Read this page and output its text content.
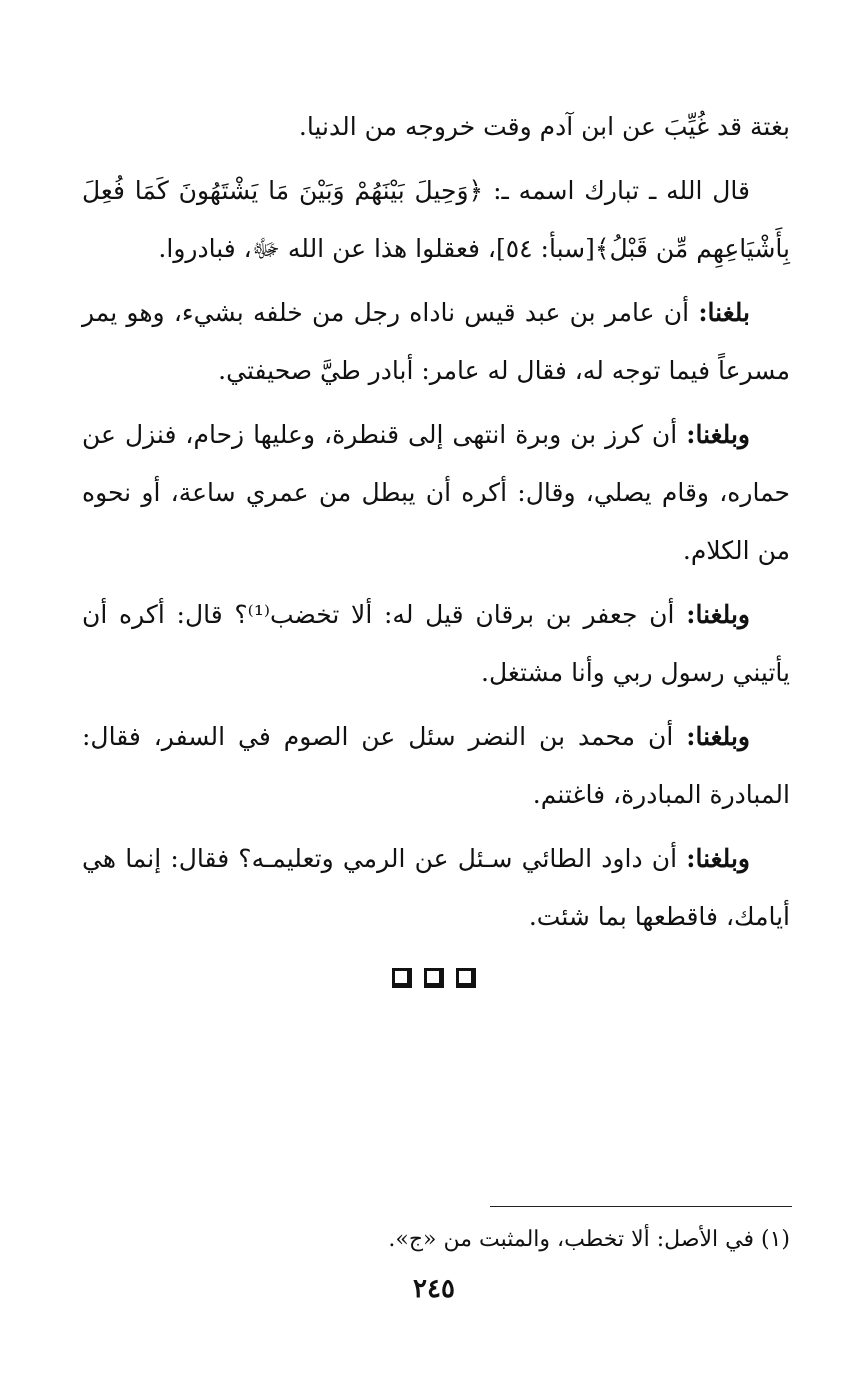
بغتة قد غُيِّبَ عن ابن آدم وقت خروجه من الدنيا.

قال الله ـ تبارك اسمه ـ: ﴿وَحِيلَ بَيْنَهُمْ وَبَيْنَ مَا يَشْتَهُونَ كَمَا فُعِلَ بِأَشْيَاعِهِم مِّن قَبْلُ﴾[سبأ: ٥٤]، فعقلوا هذا عن الله ﷻ، فبادروا.

بلغنا: أن عامر بن عبد قيس ناداه رجل من خلفه بشيء، وهو يمر مسرعاً فيما توجه له، فقال له عامر: أبادر طيَّ صحيفتي.

وبلغنا: أن كرز بن وبرة انتهى إلى قنطرة، وعليها زحام، فنزل عن حماره، وقام يصلي، وقال: أكره أن يبطل من عمري ساعة، أو نحوه من الكلام.

وبلغنا: أن جعفر بن برقان قيل له: ألا تخضب⁽¹⁾؟ قال: أكره أن يأتيني رسول ربي وأنا مشتغل.

وبلغنا: أن محمد بن النضر سئل عن الصوم في السفر، فقال: المبادرة المبادرة، فاغتنم.

وبلغنا: أن داود الطائي سـئل عن الرمي وتعليمـه؟ فقال: إنما هي أيامك، فاقطعها بما شئت.

(١) في الأصل: ألا تخطب، والمثبت من «ج».
٢٤٥
